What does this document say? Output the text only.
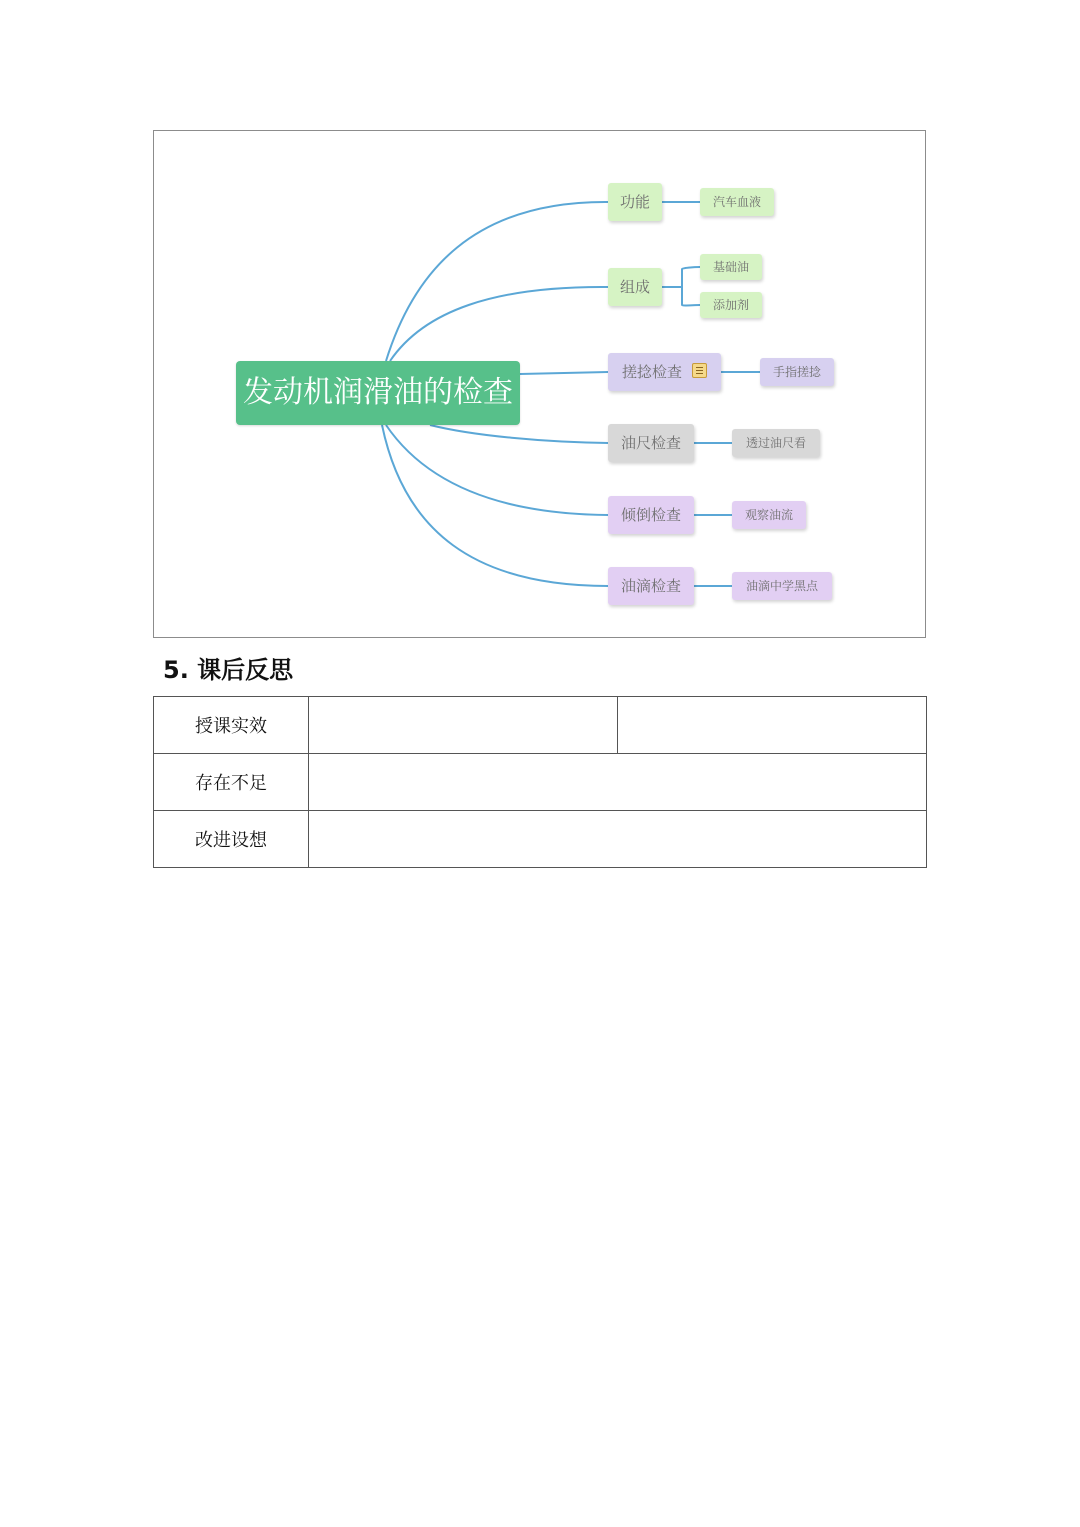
发动机润滑油的检查
功能	汽车血液
组成
基础油
添加剂
搓捻检查	手指搓捻
油尺检查	透过油尺看
倾倒检查	观察油流
油滴检查	油滴中学黑点
5. 课后反思
授课实效		
存在不足		
改进设想		
